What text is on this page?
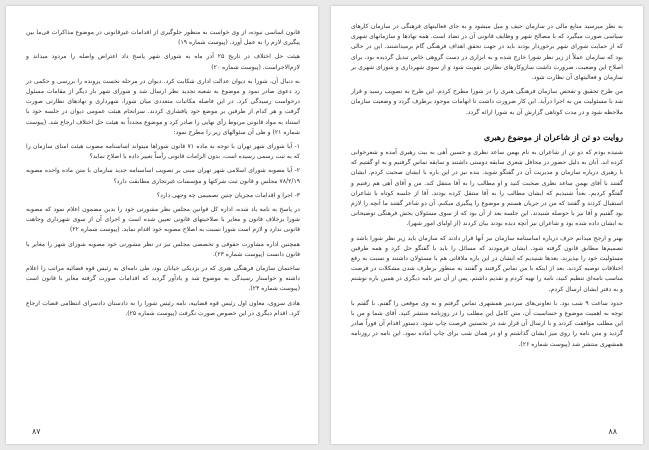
قانون اساسی نبوده، از وی خواست به منظور جلوگیری از اقدامات غیرقانونی در موضوع مذاکرات فی‌ما بین پیگیری لازم را به عمل آورد. (پیوست شماره ۱۹)

هیئت حل اختلاف در تاریخ ۲۵ آذر ماه به شورای شهر پاسخ داد اعتراض واصله را مردود میداند و لازم‌الاجراست. (پیوست شماره ۲۰)

به دنبال آن، شورا به دیوان عدالت اداری شکایت کرد. دیوان در مرحله نخست پرونده را بررسی و حکمی در رد دعوی صادر نمود و موضوع به شعبه تجدید نظر ارسال شد و شورای شهر بار دیگر از مقامات مسئول درخواست رسیدگی کرد. در این فاصله مکاتبات متعددی میان شورا، شهرداری و نهادهای نظارتی صورت گرفت و هر کدام از طرفین بر موضع خود پافشاری کردند. سرانجام هیئت عمومی دیوان در جلسه خود با استناد به مواد قانونی مربوط رأی نهایی را صادر کرد و موضوع مجدداً به هیئت حل اختلاف ارجاع شد. (پیوست شماره ۲۱) و طی آن سئوالهای زیر را مطرح نمود:

۱- آیا شورای شهر تهران با توجه به ماده ۷۱ قانون شوراها میتواند اساسنامه مصوب هیئت امنای سازمان را که به ثبت رسمی رسیده است، بدون الزامات قانونی رأساً تغییر داده یا اصلاح نماید؟

۲- آیا مصوبه شورای اسلامی شهر تهران مبنی بر تصویب اساسنامه جدید سازمان با متن ماده واحده مصوبه ۷۸/۲/۱۹ مجلس و قانون ثبت شرکتها و مؤسسات غیرتجاری مطابقت دارد؟

۳- اجرا و اقدامات مجریان چنین تصمیمی چه وجهی دارد؟

در پاسخ به نامه یاد شده، اداره کل قوانین مجلس نظر مشورتی خود را بدین مضمون اعلام نمود که مصوبه شورا برخلاف قانون و مغایر با صلاحیتهای قانونی تعیین شده است و اجرای آن از سوی شهرداری وجاهت قانونی ندارد و لازم است شورا نسبت به اصلاح مصوبه خود اقدام نماید. (پیوست شماره ۲۲)

همچنین اداره مشاورت حقوقی و تخصصی مجلس نیز در نظر مشورتی خود مصوبه شورای شهر را مغایر با قانون دانست (پیوست شماره ۲۳).

ساختمان سازمان فرهنگی هنری که در نزدیکی خیابان بود، طی نامه‌ای به رئیس قوه قضائیه مراتب را اعلام داشته و خواستار رسیدگی به موضوع شد و یادآور گردید که اقدامات صورت گرفته مغایر با قانون است (پیوست شماره ۲۴).

هادی سروی، معاون اول رئیس قوه قضاییه، نامه رئیس شورا را به دادستان دادسرای انتظامی قضات ارجاع کرد. اقدام دیگری در این خصوص صورت نگرفت (پیوست شماره ۲۵).

۸۷

به نظر میرسید منابع مالی در سازمان حیف و میل میشود و به جای فعالیتهای فرهنگی در سازمان کارهای سیاسی صورت میگیرد که با مصالح شهر و وظایف قانونی آن در تضاد است. همه نهادها و سازمانهای شهری که از حمایت شورای شهر برخوردار بودند باید در جهت تحقق اهداف فرهنگی گام برمیداشتند. این در حالی بود که سازمان عملاً از زیر نظر شورا خارج شده و به ابزاری در دست گروهی خاص تبدیل گردیده بود. برای اصلاح این وضعیت، ضرورت داشت سازوکارهای نظارتی تقویت شود و از سوی شهرداری و شورای شهری بر سازمان و فعالیتهای آن نظارت شود.

من طرح تحقیق و تفحص سازمان فرهنگی هنری را در شورا مطرح کردم. این طرح به تصویب رسید و قرار شد با مسئولیت من به اجرا درآید. این کار ضرورت داشت تا ابهامات موجود برطرف گردد و وضعیت سازمان ملاحظه شود و در مدت کوتاهی گزارش آن به شورا ارائه گردد.

روایت دو تن از شاعران از موضوع رهبری

شنیده بودم که دو تن از شاعران به نام بهمن ساعد نظری و حسین آهی به بیت رهبری آمده و شعرخوانی کرده اند. آنان به دلیل حضور در محافل شعری سابقه دوستی داشتند و سابقه تماس گرفتیم و به او گفتیم که با رهبری درباره سازمان و مدیریت آن در گفتگو شوید. بنده نیز در این باره با ایشان صحبت کردم. ایشان گفتند با آقای بهمن ساعد نظری صحبت کنید و او مطالب را به آقا منتقل کند. من و آقای آهی هم رفتیم و گفتگو کردیم. بعداً شنیدیم که ایشان مطالب را به آقا منتقل کرده بودند. آقا از جلسه کوتاه با شاعران استقبال کردند و گفتند که من در جریان هستم و موضوع را پیگیری میکنم. آن دو شاعر گفتند ما آنچه را لازم بود گفتیم و آقا نیز با حوصله شنیدند. این جلسه بعد از آن بود که از سوی مسئولان بخش فرهنگی توضیحاتی به ایشان داده شده بود و شاعران نیز آنچه دیده بودند بیان کردند (از اولیای امور شهر).

بهتر و ارجح میدانم حرف درباره اساسنامه سازمان نیز آنها قرار دادند که سازمان باید زیر نظر شورا باشد و تصمیم‌ها مطابق قانون گرفته شود. ایشان فرمودند که مسائل را باید با گفتگو حل کرد و همه طرفین مسئولیت خود را بپذیرند. بعدها شنیدیم که ایشان در این باره ملاقاتی هم با مسئولان داشتند و نسبت به رفع اختلافات توصیه کردند. بعد از اینکه با من تماس گرفتند و گفتند به منظور برطرف شدن مشکلات در فرصت مناسب نامه‌ای تنظیم کنید، نامه را تهیه کردم و تقدیم داشتم. پس از آن نیز نامه دیگری در همین باره نوشتم و به دفتر ایشان ارسال کردم.

حدود ساعت ۹ شب بود. با تعاونی‌های سردبیر همشهری تماس گرفتم و به وی موقعی را گفتم. با گفتم با توجه به اهمیت موضوع و حساسیت آن، متن کامل این مطلب را در روزنامه منتشر کنید. آقای شما و من با این مطلب موافقت کردند و با ارسال آن قرار شد در نخستین فرصت چاپ شود. دستور اقدام آن فوراً صادر گردید و متن نامه را روی میز ایشان گذاشتم و او در همان شب برای چاپ آماده نمود. این نامه در روزنامه همشهری منتشر شد (پیوست شماره ۲۶).

۸۸
